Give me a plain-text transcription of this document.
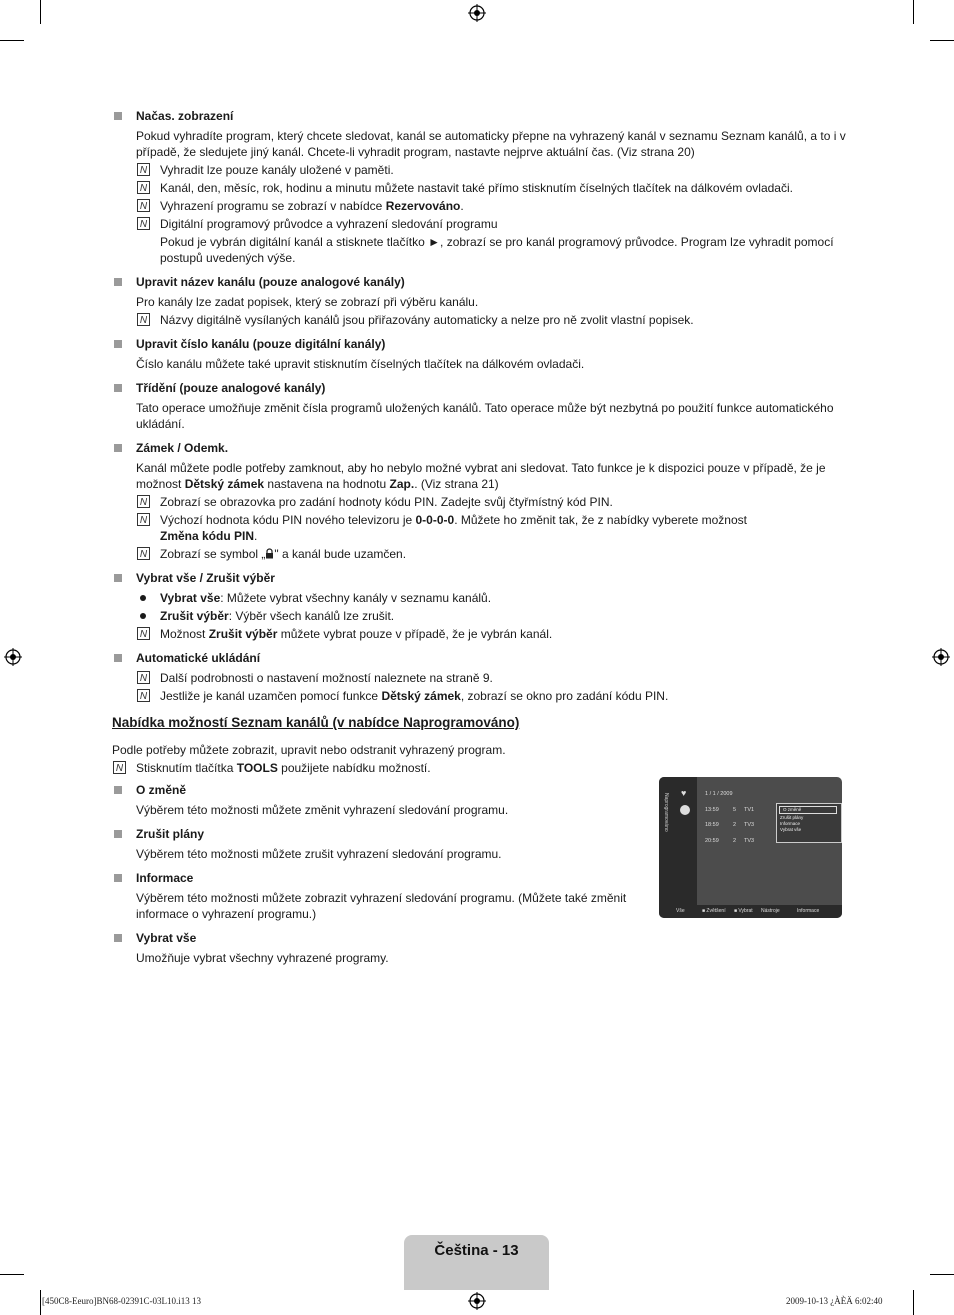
Načas. zobrazení
Pokud vyhradíte program, který chcete sledovat, kanál se automaticky přepne na vyhrazený kanál v seznamu Seznam kanálů, a to i v případě, že sledujete jiný kanál. Chcete-li vyhradit program, nastavte nejprve aktuální čas. (Viz strana 20)
N Vyhradit lze pouze kanály uložené v paměti.
N Kanál, den, měsíc, rok, hodinu a minutu můžete nastavit také přímo stisknutím číselných tlačítek na dálkovém ovladači.
N Vyhrazení programu se zobrazí v nabídce Rezervováno.
N Digitální programový průvodce a vyhrazení sledování programu
Pokud je vybrán digitální kanál a stisknete tlačítko ►, zobrazí se pro kanál programový průvodce. Program lze vyhradit pomocí postupů uvedených výše.
Upravit název kanálu (pouze analogové kanály)
Pro kanály lze zadat popisek, který se zobrazí při výběru kanálu.
N Názvy digitálně vysílaných kanálů jsou přiřazovány automaticky a nelze pro ně zvolit vlastní popisek.
Upravit číslo kanálu (pouze digitální kanály)
Číslo kanálu můžete také upravit stisknutím číselných tlačítek na dálkovém ovladači.
Třídění (pouze analogové kanály)
Tato operace umožňuje změnit čísla programů uložených kanálů. Tato operace může být nezbytná po použití funkce automatického ukládání.
Zámek / Odemk.
Kanál můžete podle potřeby zamknout, aby ho nebylo možné vybrat ani sledovat. Tato funkce je k dispozici pouze v případě, že je možnost Dětský zámek nastavena na hodnotu Zap.. (Viz strana 21)
N Zobrazí se obrazovka pro zadání hodnoty kódu PIN. Zadejte svůj čtyřmístný kód PIN.
N Výchozí hodnota kódu PIN nového televizoru je 0-0-0-0. Můžete ho změnit tak, že z nabídky vyberete možnost
Změna kódu PIN.
N Zobrazí se symbol „ " a kanál bude uzamčen.
Vybrat vše / Zrušit výběr
Vybrat vše: Můžete vybrat všechny kanály v seznamu kanálů.
Zrušit výběr: Výběr všech kanálů lze zrušit.
N Možnost Zrušit výběr můžete vybrat pouze v případě, že je vybrán kanál.
Automatické ukládání
N Další podrobnosti o nastavení možností naleznete na straně 9.
N Jestliže je kanál uzamčen pomocí funkce Dětský zámek, zobrazí se okno pro zadání kódu PIN.
Nabídka možností Seznam kanálů (v nabídce Naprogramováno)
Podle potřeby můžete zobrazit, upravit nebo odstranit vyhrazený program.
N Stisknutím tlačítka TOOLS použijete nabídku možností.
O změně
Výběrem této možnosti můžete změnit vyhrazení sledování programu.
Zrušit plány
Výběrem této možnosti můžete zrušit vyhrazení sledování programu.
Informace
Výběrem této možnosti můžete zobrazit vyhrazení sledování programu. (Můžete také změnit informace o vyhrazení programu.)
Vybrat vše
Umožňuje vybrat všechny vyhrazené programy.
Naprogramováno ♥	1 / 1 / 2009
13:59	5 TV1
18:59	2 TV3
20:59	2 TV3
O změně
Zrušit plány
Informace
Vybrat vše
Vše	■ Zvětšení ■ Vybrat Nástroje	Informace
Čeština - 13
[450C8-Eeuro]BN68-02391C-03L10.i13 13	2009-10-13 ¿ÀÈÄ 6:02:40
